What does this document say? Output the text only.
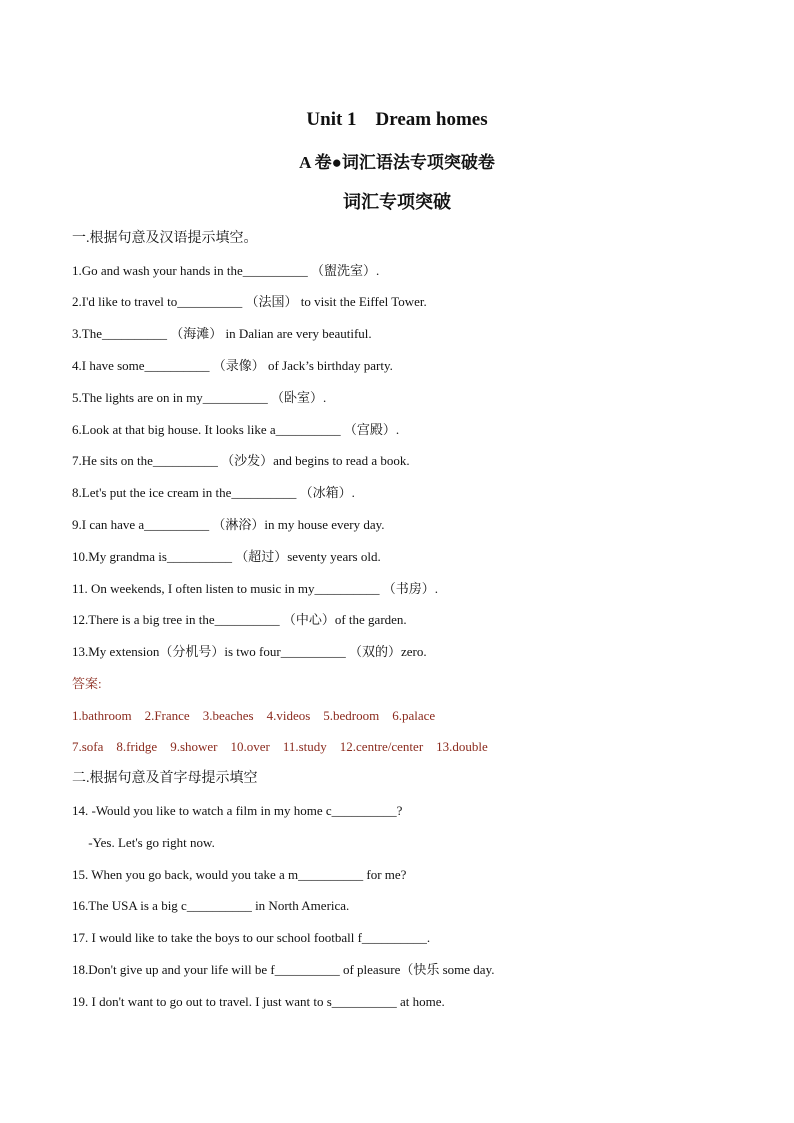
Unit 1　Dream homes
A 卷●词汇语法专项突破卷
词汇专项突破
一.根据句意及汉语提示填空。
1.Go and wash your hands in the__________ （盥洗室）.
2.I'd like to travel to__________ （法国） to visit the Eiffel Tower.
3.The__________ （海滩） in Dalian are very beautiful.
4.I have some__________ （录像） of Jack’s birthday party.
5.The lights are on in my__________ （卧室）.
6.Look at that big house. It looks like a__________ （宫殿）.
7.He sits on the__________ （沙发）and begins to read a book.
8.Let's put the ice cream in the__________ （冰箱）.
9.I can have a__________ （淋浴）in my house every day.
10.My grandma is__________ （超过）seventy years old.
11. On weekends, I often listen to music in my__________ （书房）.
12.There is a big tree in the__________ （中心）of the garden.
13.My extension（分机号）is two four__________ （双的）zero.
答案:
1.bathroom　2.France　3.beaches　4.videos　5.bedroom　6.palace
7.sofa　8.fridge　9.shower　10.over　11.study　12.centre/center　13.double
二.根据句意及首字母提示填空
14. -Would you like to watch a film in my home c__________?
-Yes. Let's go right now.
15. When you go back, would you take a m__________ for me?
16.The USA is a big c__________ in North America.
17. I would like to take the boys to our school football f__________.
18.Don't give up and your life will be f__________ of pleasure（快乐 some day.
19. I don't want to go out to travel. I just want to s__________ at home.
